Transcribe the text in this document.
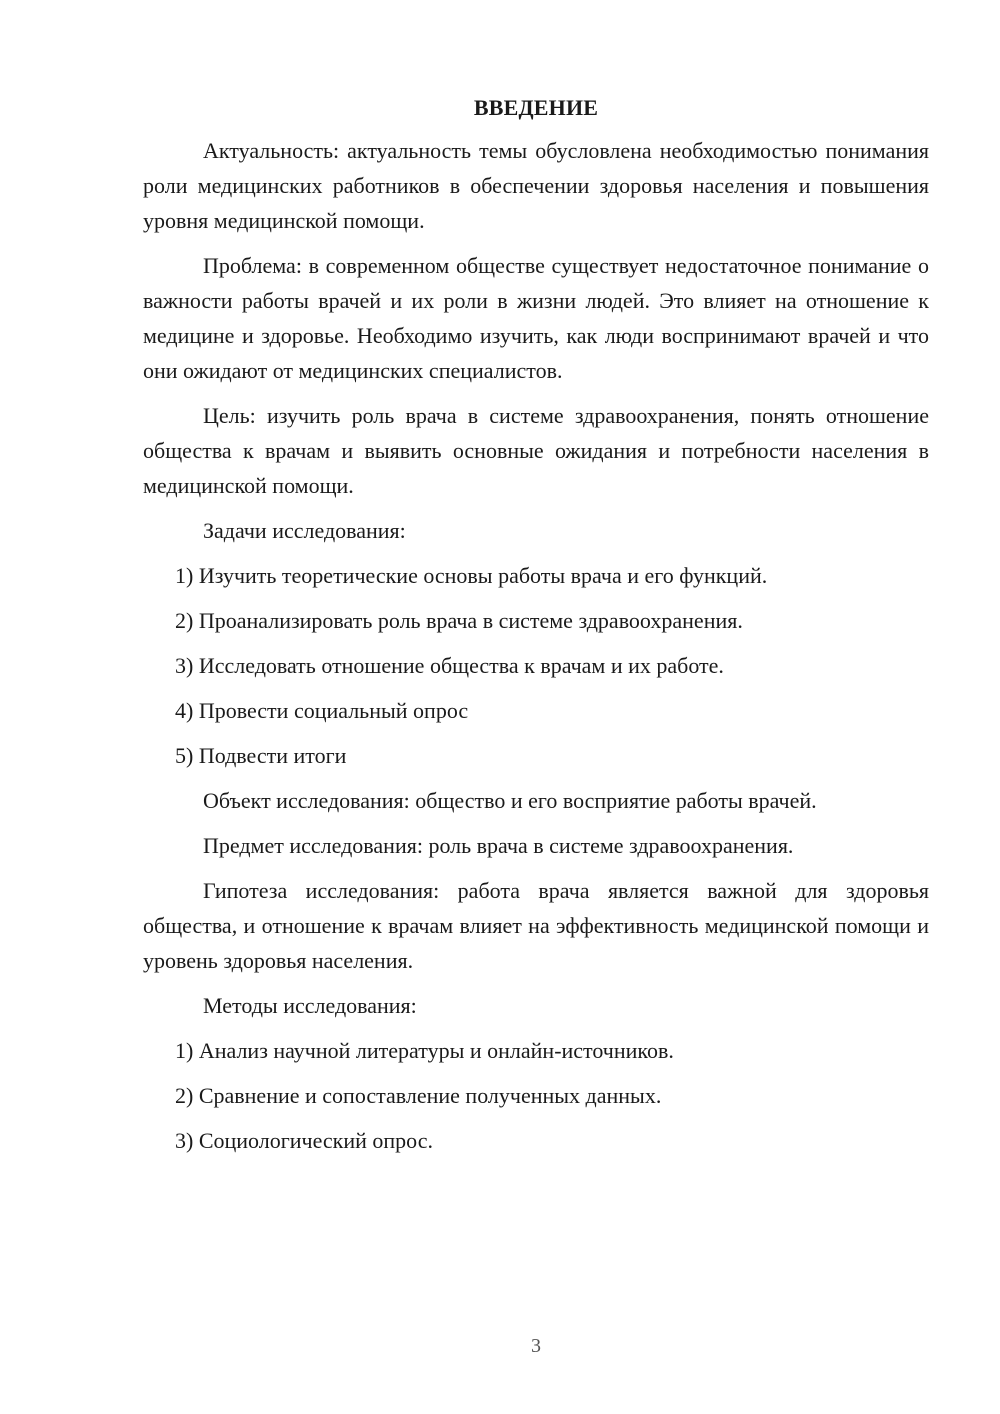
ВВЕДЕНИЕ

Актуальность: актуальность темы обусловлена необходимостью понимания роли медицинских работников в обеспечении здоровья населения и повышения уровня медицинской помощи.

Проблема: в современном обществе существует недостаточное понимание о важности работы врачей и их роли в жизни людей. Это влияет на отношение к медицине и здоровье. Необходимо изучить, как люди воспринимают врачей и что они ожидают от медицинских специалистов.

Цель: изучить роль врача в системе здравоохранения, понять отношение общества к врачам и выявить основные ожидания и потребности населения в медицинской помощи.

Задачи исследования:
1) Изучить теоретические основы работы врача и его функций.
2) Проанализировать роль врача в системе здравоохранения.
3) Исследовать отношение общества к врачам и их работе.
4) Провести социальный опрос
5) Подвести итоги
Объект исследования: общество и его восприятие работы врачей.
Предмет исследования: роль врача в системе здравоохранения.

Гипотеза исследования: работа врача является важной для здоровья общества, и отношение к врачам влияет на эффективность медицинской помощи и уровень здоровья населения.

Методы исследования:
1) Анализ научной литературы и онлайн-источников.
2) Сравнение и сопоставление полученных данных.
3) Социологический опрос.
3
